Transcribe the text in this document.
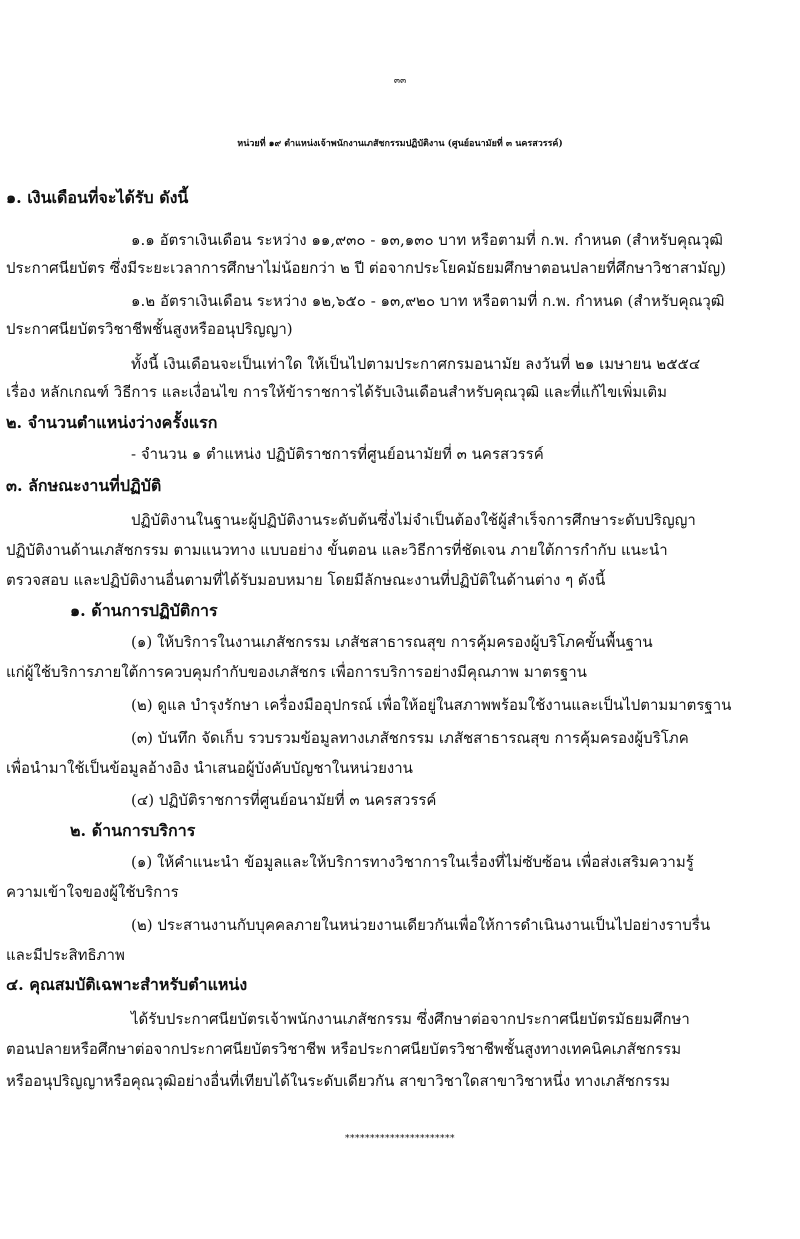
๓๓
หน่วยที่ ๑๙ ตำแหน่งเจ้าพนักงานเภสัชกรรมปฏิบัติงาน (ศูนย์อนามัยที่ ๓ นครสวรรค์)
๑. เงินเดือนที่จะได้รับ ดังนี้
๑.๑ อัตราเงินเดือน ระหว่าง ๑๑,๙๓๐ - ๑๓,๑๓๐ บาท หรือตามที่ ก.พ. กำหนด (สำหรับคุณวุฒิ
ประกาศนียบัตร ซึ่งมีระยะเวลาการศึกษาไม่น้อยกว่า ๒ ปี ต่อจากประโยคมัธยมศึกษาตอนปลายที่ศึกษาวิชาสามัญ)
๑.๒ อัตราเงินเดือน ระหว่าง ๑๒,๖๕๐ - ๑๓,๙๒๐ บาท หรือตามที่ ก.พ. กำหนด (สำหรับคุณวุฒิ
ประกาศนียบัตรวิชาชีพชั้นสูงหรืออนุปริญญา)
ทั้งนี้ เงินเดือนจะเป็นเท่าใด ให้เป็นไปตามประกาศกรมอนามัย ลงวันที่ ๒๑ เมษายน ๒๕๕๔
เรื่อง หลักเกณฑ์ วิธีการ และเงื่อนไข การให้ข้าราชการได้รับเงินเดือนสำหรับคุณวุฒิ และที่แก้ไขเพิ่มเติม
๒. จำนวนตำแหน่งว่างครั้งแรก
- จำนวน ๑ ตำแหน่ง ปฏิบัติราชการที่ศูนย์อนามัยที่ ๓ นครสวรรค์
๓. ลักษณะงานที่ปฏิบัติ
ปฏิบัติงานในฐานะผู้ปฏิบัติงานระดับต้นซึ่งไม่จำเป็นต้องใช้ผู้สำเร็จการศึกษาระดับปริญญา
ปฏิบัติงานด้านเภสัชกรรม ตามแนวทาง แบบอย่าง ขั้นตอน และวิธีการที่ชัดเจน ภายใต้การกำกับ แนะนำ
ตรวจสอบ และปฏิบัติงานอื่นตามที่ได้รับมอบหมาย โดยมีลักษณะงานที่ปฏิบัติในด้านต่าง ๆ ดังนี้
๑. ด้านการปฏิบัติการ
(๑) ให้บริการในงานเภสัชกรรม เภสัชสาธารณสุข การคุ้มครองผู้บริโภคขั้นพื้นฐาน
แก่ผู้ใช้บริการภายใต้การควบคุมกำกับของเภสัชกร เพื่อการบริการอย่างมีคุณภาพ มาตรฐาน
(๒) ดูแล บำรุงรักษา เครื่องมืออุปกรณ์ เพื่อให้อยู่ในสภาพพร้อมใช้งานและเป็นไปตามมาตรฐาน
(๓) บันทึก จัดเก็บ รวบรวมข้อมูลทางเภสัชกรรม เภสัชสาธารณสุข การคุ้มครองผู้บริโภค
เพื่อนำมาใช้เป็นข้อมูลอ้างอิง นำเสนอผู้บังคับบัญชาในหน่วยงาน
(๔) ปฏิบัติราชการที่ศูนย์อนามัยที่ ๓ นครสวรรค์
๒. ด้านการบริการ
(๑) ให้คำแนะนำ ข้อมูลและให้บริการทางวิชาการในเรื่องที่ไม่ซับซ้อน เพื่อส่งเสริมความรู้
ความเข้าใจของผู้ใช้บริการ
(๒) ประสานงานกับบุคคลภายในหน่วยงานเดียวกันเพื่อให้การดำเนินงานเป็นไปอย่างราบรื่น
และมีประสิทธิภาพ
๔. คุณสมบัติเฉพาะสำหรับตำแหน่ง
ได้รับประกาศนียบัตรเจ้าพนักงานเภสัชกรรม ซึ่งศึกษาต่อจากประกาศนียบัตรมัธยมศึกษา
ตอนปลายหรือศึกษาต่อจากประกาศนียบัตรวิชาชีพ หรือประกาศนียบัตรวิชาชีพชั้นสูงทางเทคนิคเภสัชกรรม
หรืออนุปริญญาหรือคุณวุฒิอย่างอื่นที่เทียบได้ในระดับเดียวกัน สาขาวิชาใดสาขาวิชาหนึ่ง ทางเภสัชกรรม
**********************
